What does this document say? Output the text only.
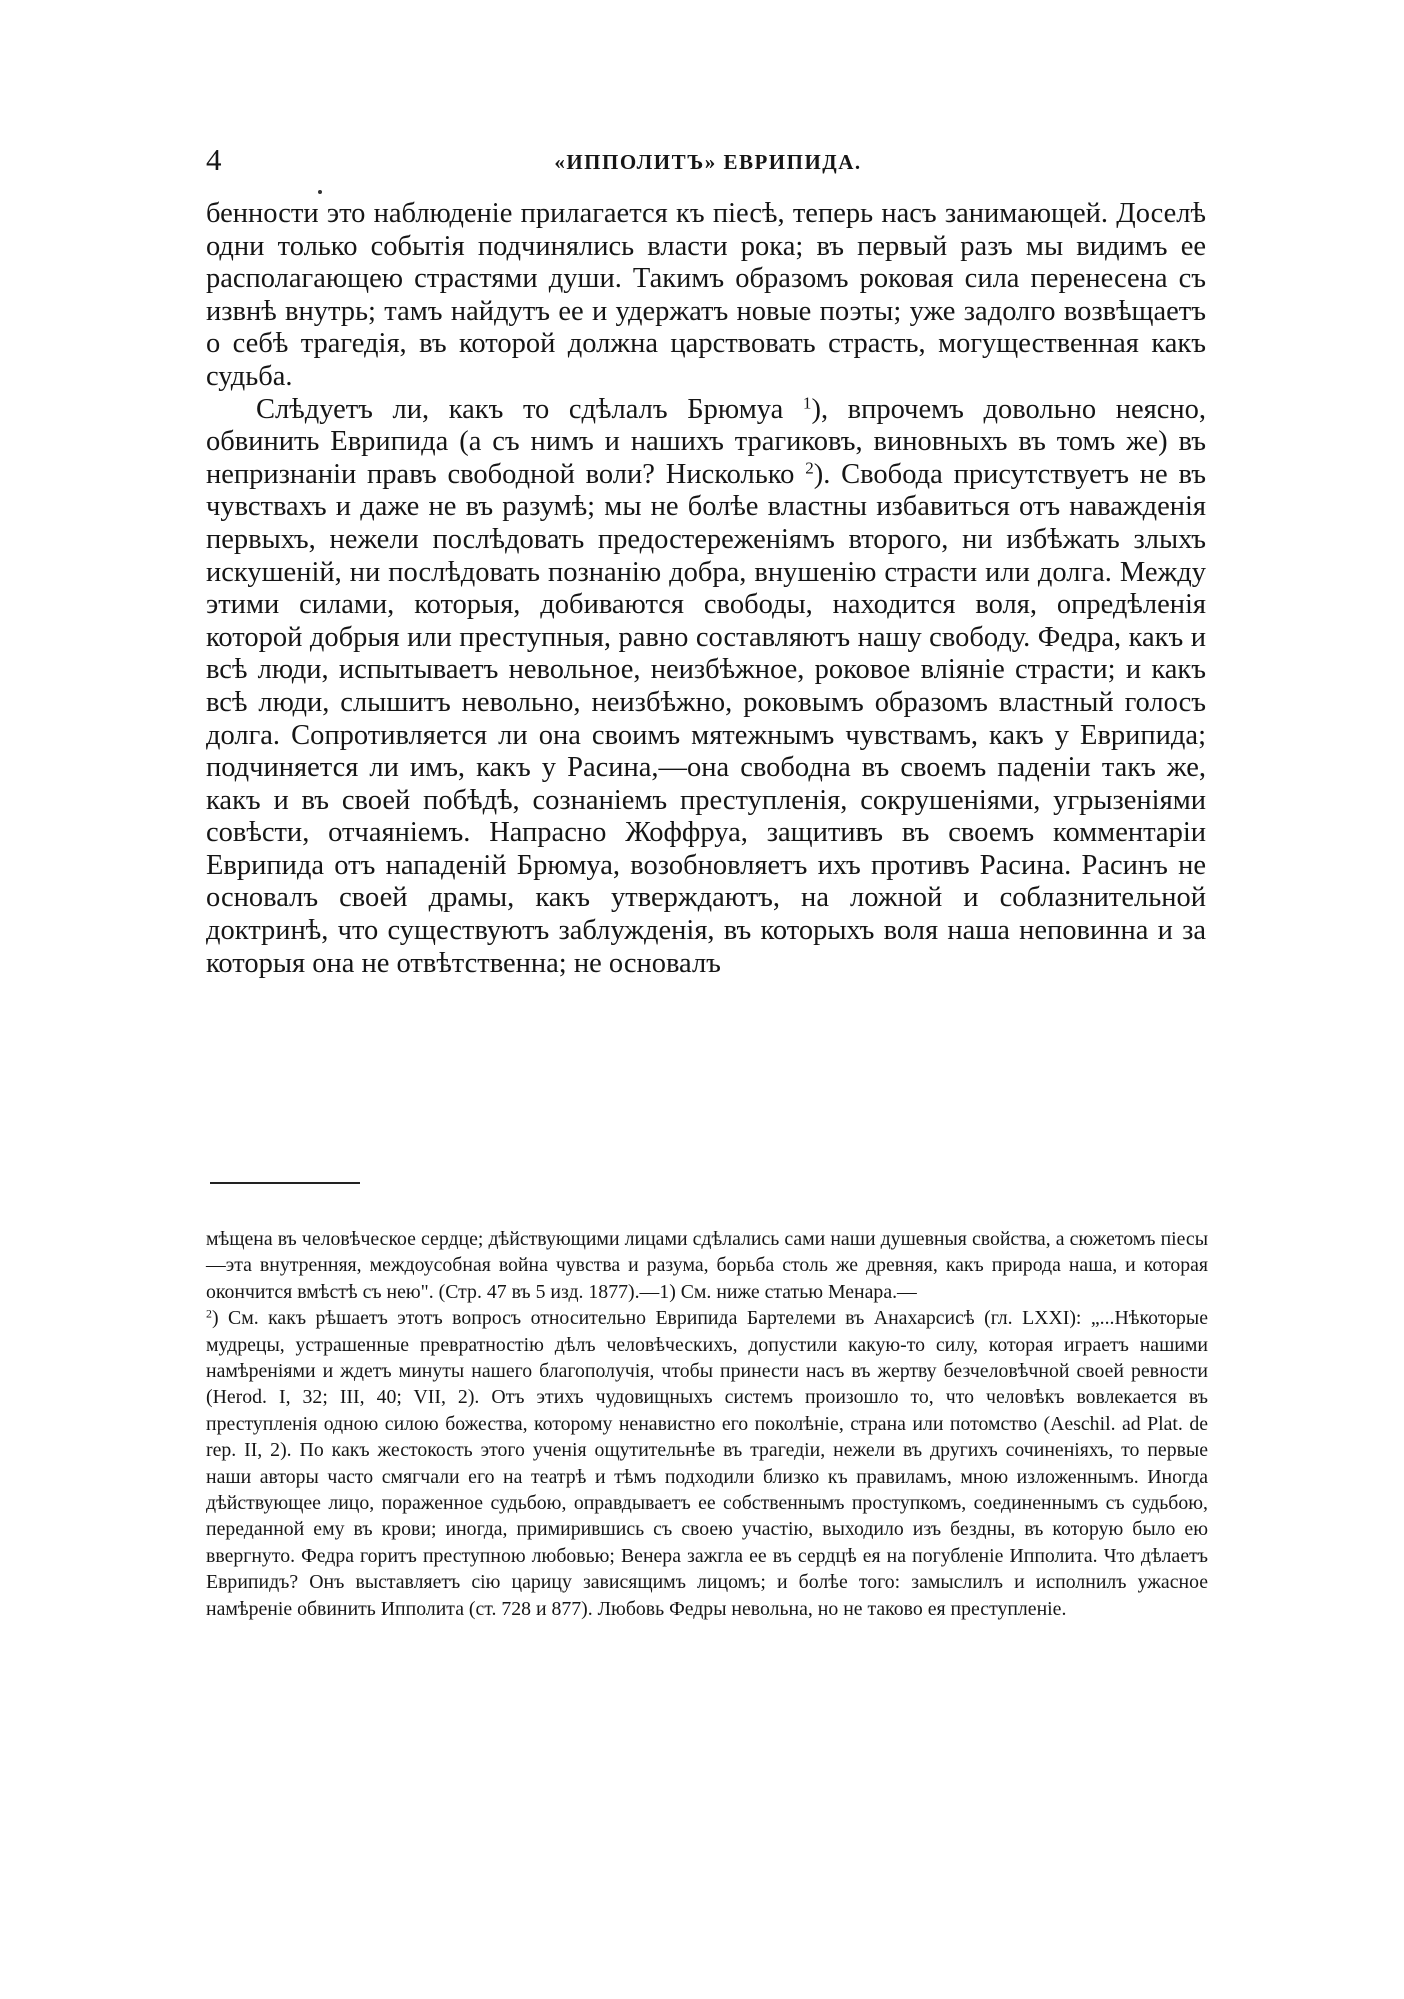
4	«ИППОЛИТЪ» ЕВРИПИДА.

бенности это наблюденіе прилагается къ піесѣ, теперь насъ занимающей. Доселѣ одни только событія подчинялись власти рока; въ первый разъ мы видимъ ее располагающею страстями души. Такимъ образомъ роковая сила перенесена съ извнѣ внутрь; тамъ найдутъ ее и удержатъ новые поэты; уже задолго возвѣщаетъ о себѣ трагедія, въ которой должна царствовать страсть, могущественная какъ судьба.

Слѣдуетъ ли, какъ то сдѣлалъ Брюмуа $^1$), впрочемъ довольно неясно, обвинить Еврипида (а съ нимъ и нашихъ трагиковъ, виновныхъ въ томъ же) въ непризнаніи правъ свободной воли? Нисколько $^2$). Свобода присутствуетъ не въ чувствахъ и даже не въ разумѣ; мы не болѣе властны избавиться отъ наважденія первыхъ, нежели послѣдовать предостереженіямъ второго, ни избѣжать злыхъ искушеній, ни послѣдовать познанію добра, внушенію страсти или долга. Между этими силами, которыя, добиваются свободы, находится воля, опредѣленія которой добрыя или преступныя, равно составляютъ нашу свободу. Федра, какъ и всѣ люди, испытываетъ невольное, неизбѣжное, роковое вліяніе страсти; и какъ всѣ люди, слышитъ невольно, неизбѣжно, роковымъ образомъ властный голосъ долга. Сопротивляется ли она своимъ мятежнымъ чувствамъ, какъ у Еврипида; подчиняется ли имъ, какъ у Расина,—она свободна въ своемъ паденіи такъ же, какъ и въ своей побѣдѣ, сознаніемъ преступленія, сокрушеніями, угрызеніями совѣсти, отчаяніемъ. Напрасно Жоффруа, защитивъ въ своемъ комментаріи Еврипида отъ нападеній Брюмуа, возобновляетъ ихъ противъ Расина. Расинъ не основалъ своей драмы, какъ утверждаютъ, на ложной и соблазнительной доктринѣ, что существуютъ заблужденія, въ которыхъ воля наша неповинна и за которыя она не отвѣтственна; не основалъ

мѣщена въ человѣческое сердце; дѣйствующими лицами сдѣлались сами наши душевныя свойства, а сюжетомъ піесы—эта внутренняя, междоусобная война чувства и разума, борьба столь же древняя, какъ природа наша, и которая окончится вмѣстѣ съ нею". (Стр. 47 въ 5 изд. 1877).—1) См. ниже статью Менара.—

$^2$) См. какъ рѣшаетъ этотъ вопросъ относительно Еврипида Бартелеми въ Анахарсисѣ (гл. LXXI): „...Нѣкоторые мудрецы, устрашенные превратностію дѣлъ человѣческихъ, допустили какую-то силу, которая играетъ нашими намѣреніями и ждетъ минуты нашего благополучія, чтобы принести насъ въ жертву безчеловѣчной своей ревности (Herod. I, 32; III, 40; VII, 2). Отъ этихъ чудовищныхъ системъ произошло то, что человѣкъ вовлекается въ преступленія одною силою божества, которому ненавистно его поколѣніе, страна или потомство (Aeschil. ad Plat. de rep. II, 2). По какъ жестокость этого ученія ощутительнѣе въ трагедіи, нежели въ другихъ сочиненіяхъ, то первые наши авторы часто смягчали его на театрѣ и тѣмъ подходили близко къ правиламъ, мною изложеннымъ. Иногда дѣйствующее лицо, пораженное судьбою, оправдываетъ ее собственнымъ проступкомъ, соединеннымъ съ судьбою, переданной ему въ крови; иногда, примирившись съ своею участію, выходило изъ бездны, въ которую было ею ввергнуто. Федра горитъ преступною любовью; Венера зажгла ее въ сердцѣ ея на погубленіе Ипполита. Что дѣлаетъ Еврипидъ? Онъ выставляетъ сію царицу зависящимъ лицомъ; и болѣе того: замыслилъ и исполнилъ ужасное намѣреніе обвинить Ипполита (ст. 728 и 877). Любовь Федры невольна, но не таково ея преступленіе.
